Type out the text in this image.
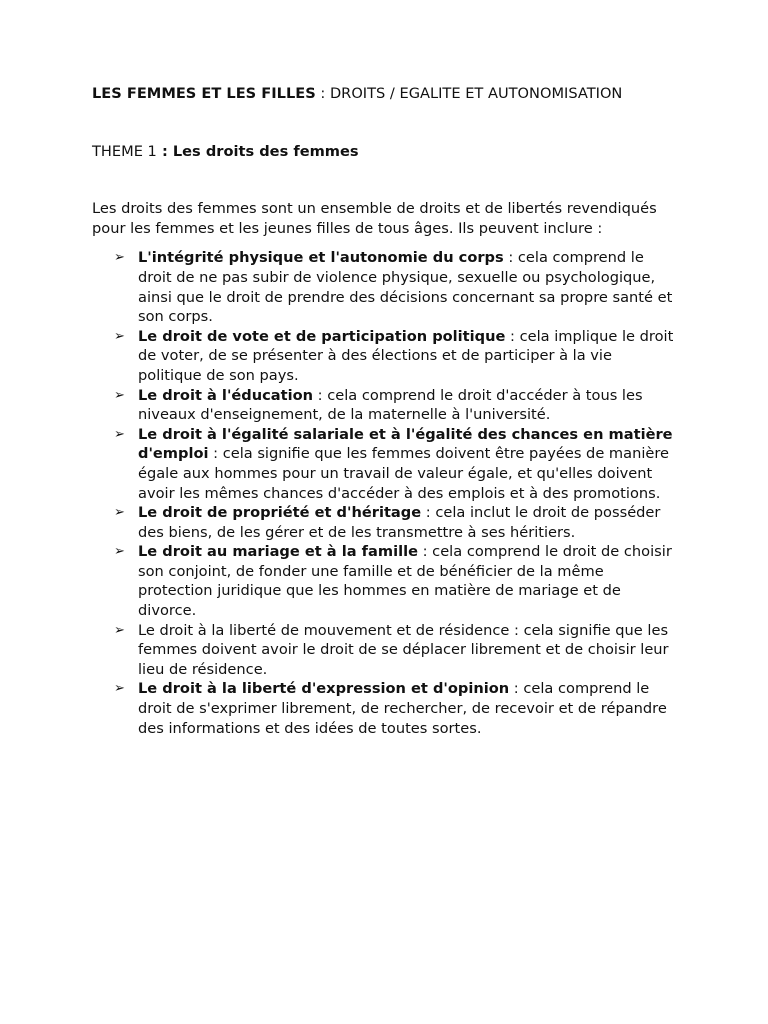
LES FEMMES ET LES FILLES : DROITS / EGALITE ET AUTONOMISATION

THEME 1 : Les droits des femmes

Les droits des femmes sont un ensemble de droits et de libertés revendiqués pour les femmes et les jeunes filles de tous âges. Ils peuvent inclure :

➢ L'intégrité physique et l'autonomie du corps : cela comprend le droit de ne pas subir de violence physique, sexuelle ou psychologique, ainsi que le droit de prendre des décisions concernant sa propre santé et son corps.
➢ Le droit de vote et de participation politique : cela implique le droit de voter, de se présenter à des élections et de participer à la vie politique de son pays.
➢ Le droit à l'éducation : cela comprend le droit d'accéder à tous les niveaux d'enseignement, de la maternelle à l'université.
➢ Le droit à l'égalité salariale et à l'égalité des chances en matière d'emploi : cela signifie que les femmes doivent être payées de manière égale aux hommes pour un travail de valeur égale, et qu'elles doivent avoir les mêmes chances d'accéder à des emplois et à des promotions.
➢ Le droit de propriété et d'héritage : cela inclut le droit de posséder des biens, de les gérer et de les transmettre à ses héritiers.
➢ Le droit au mariage et à la famille : cela comprend le droit de choisir son conjoint, de fonder une famille et de bénéficier de la même protection juridique que les hommes en matière de mariage et de divorce.
➢ Le droit à la liberté de mouvement et de résidence : cela signifie que les femmes doivent avoir le droit de se déplacer librement et de choisir leur lieu de résidence.
➢ Le droit à la liberté d'expression et d'opinion : cela comprend le droit de s'exprimer librement, de rechercher, de recevoir et de répandre des informations et des idées de toutes sortes.
